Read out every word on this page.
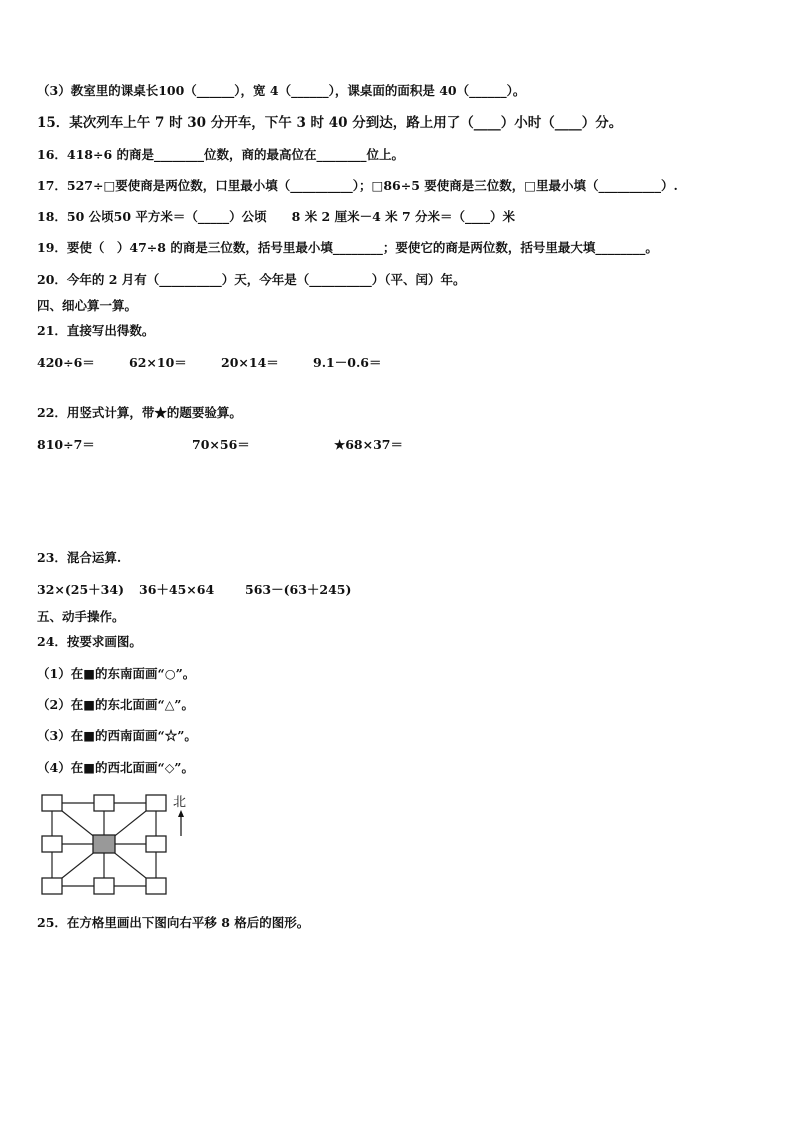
（3）教室里的课桌长100（______），宽 4（______），课桌面的面积是 40（______）。
15．某次列车上午 7 时 30 分开车，下午 3 时 40 分到达，路上用了（____）小时（____）分。
16．418÷6 的商是________位数，商的最高位在________位上。
17．527÷□要使商是两位数，口里最小填（__________）；□86÷5 要使商是三位数，□里最小填（__________）.
18．50 公顷50 平方米＝（_____）公顷　　8 米 2 厘米－4 米 7 分米＝（____）米
19．要使（　）47÷8 的商是三位数，括号里最小填________；要使它的商是两位数，括号里最大填________。
20．今年的 2 月有（__________）天，今年是（__________）（平、闰）年。
四、细心算一算。
21．直接写出得数。
420÷6＝	62×10＝	20×14＝	9.1－0.6＝
22．用竖式计算，带★的题要验算。
810÷7＝	70×56＝	★68×37＝
23．混合运算.
32×(25＋34) 36＋45×64 563－(63＋245)
五、动手操作。
24．按要求画图。
（1）在■的东南面画“○”。
（2）在■的东北面画“△”。
（3）在■的西南面画“☆”。
（4）在■的西北面画“◇”。
北
25．在方格里画出下图向右平移 8 格后的图形。
